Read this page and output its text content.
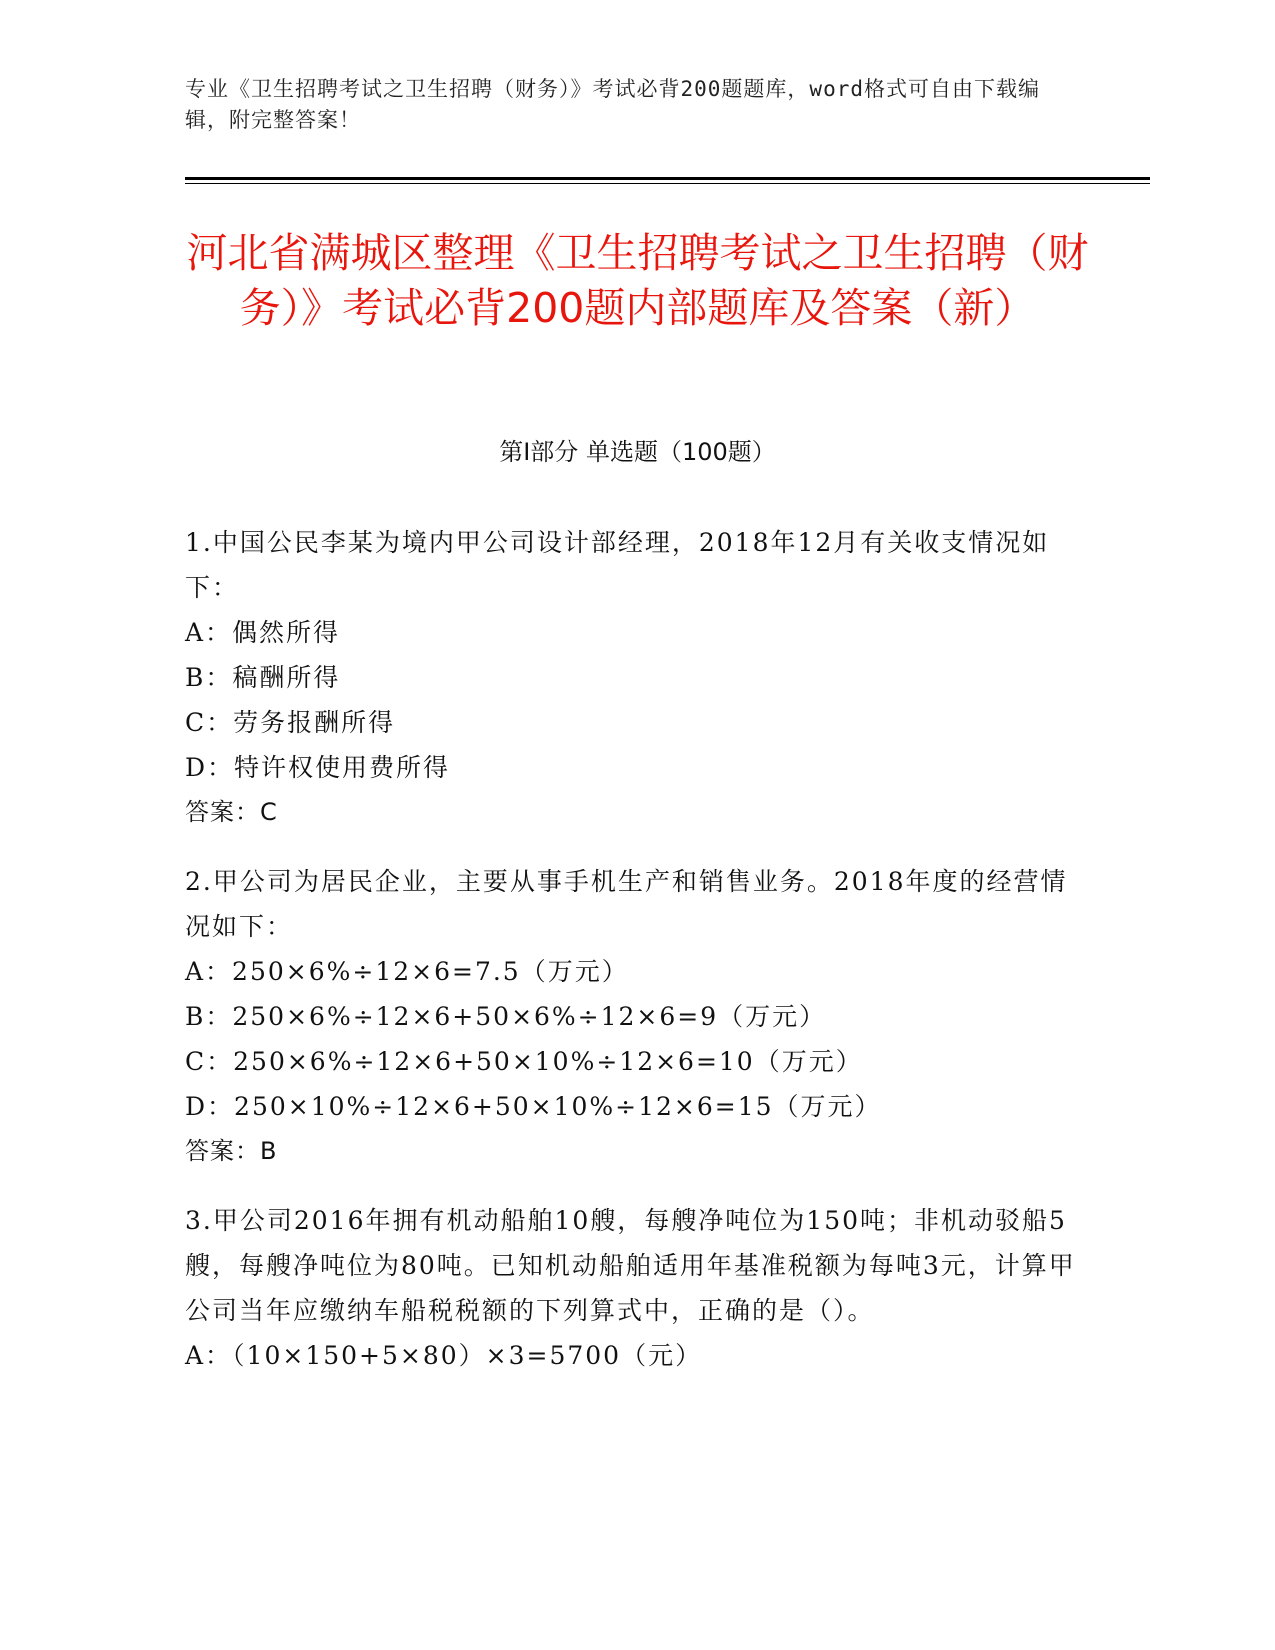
专业《卫生招聘考试之卫生招聘（财务）》考试必背200题题库，word格式可自由下载编辑，附完整答案！
河北省满城区整理《卫生招聘考试之卫生招聘（财务）》考试必背200题内部题库及答案（新）
第I部分 单选题（100题）
1.中国公民李某为境内甲公司设计部经理，2018年12月有关收支情况如下：
A：偶然所得
B：稿酬所得
C：劳务报酬所得
D：特许权使用费所得
答案：C
2.甲公司为居民企业，主要从事手机生产和销售业务。2018年度的经营情况如下：
A：250×6%÷12×6=7.5（万元）
B：250×6%÷12×6+50×6%÷12×6=9（万元）
C：250×6%÷12×6+50×10%÷12×6=10（万元）
D：250×10%÷12×6+50×10%÷12×6=15（万元）
答案：B
3.甲公司2016年拥有机动船舶10艘，每艘净吨位为150吨；非机动驳船5艘，每艘净吨位为80吨。已知机动船舶适用年基准税额为每吨3元，计算甲公司当年应缴纳车船税税额的下列算式中，正确的是（）。
A：（10×150+5×80）×3=5700（元）
